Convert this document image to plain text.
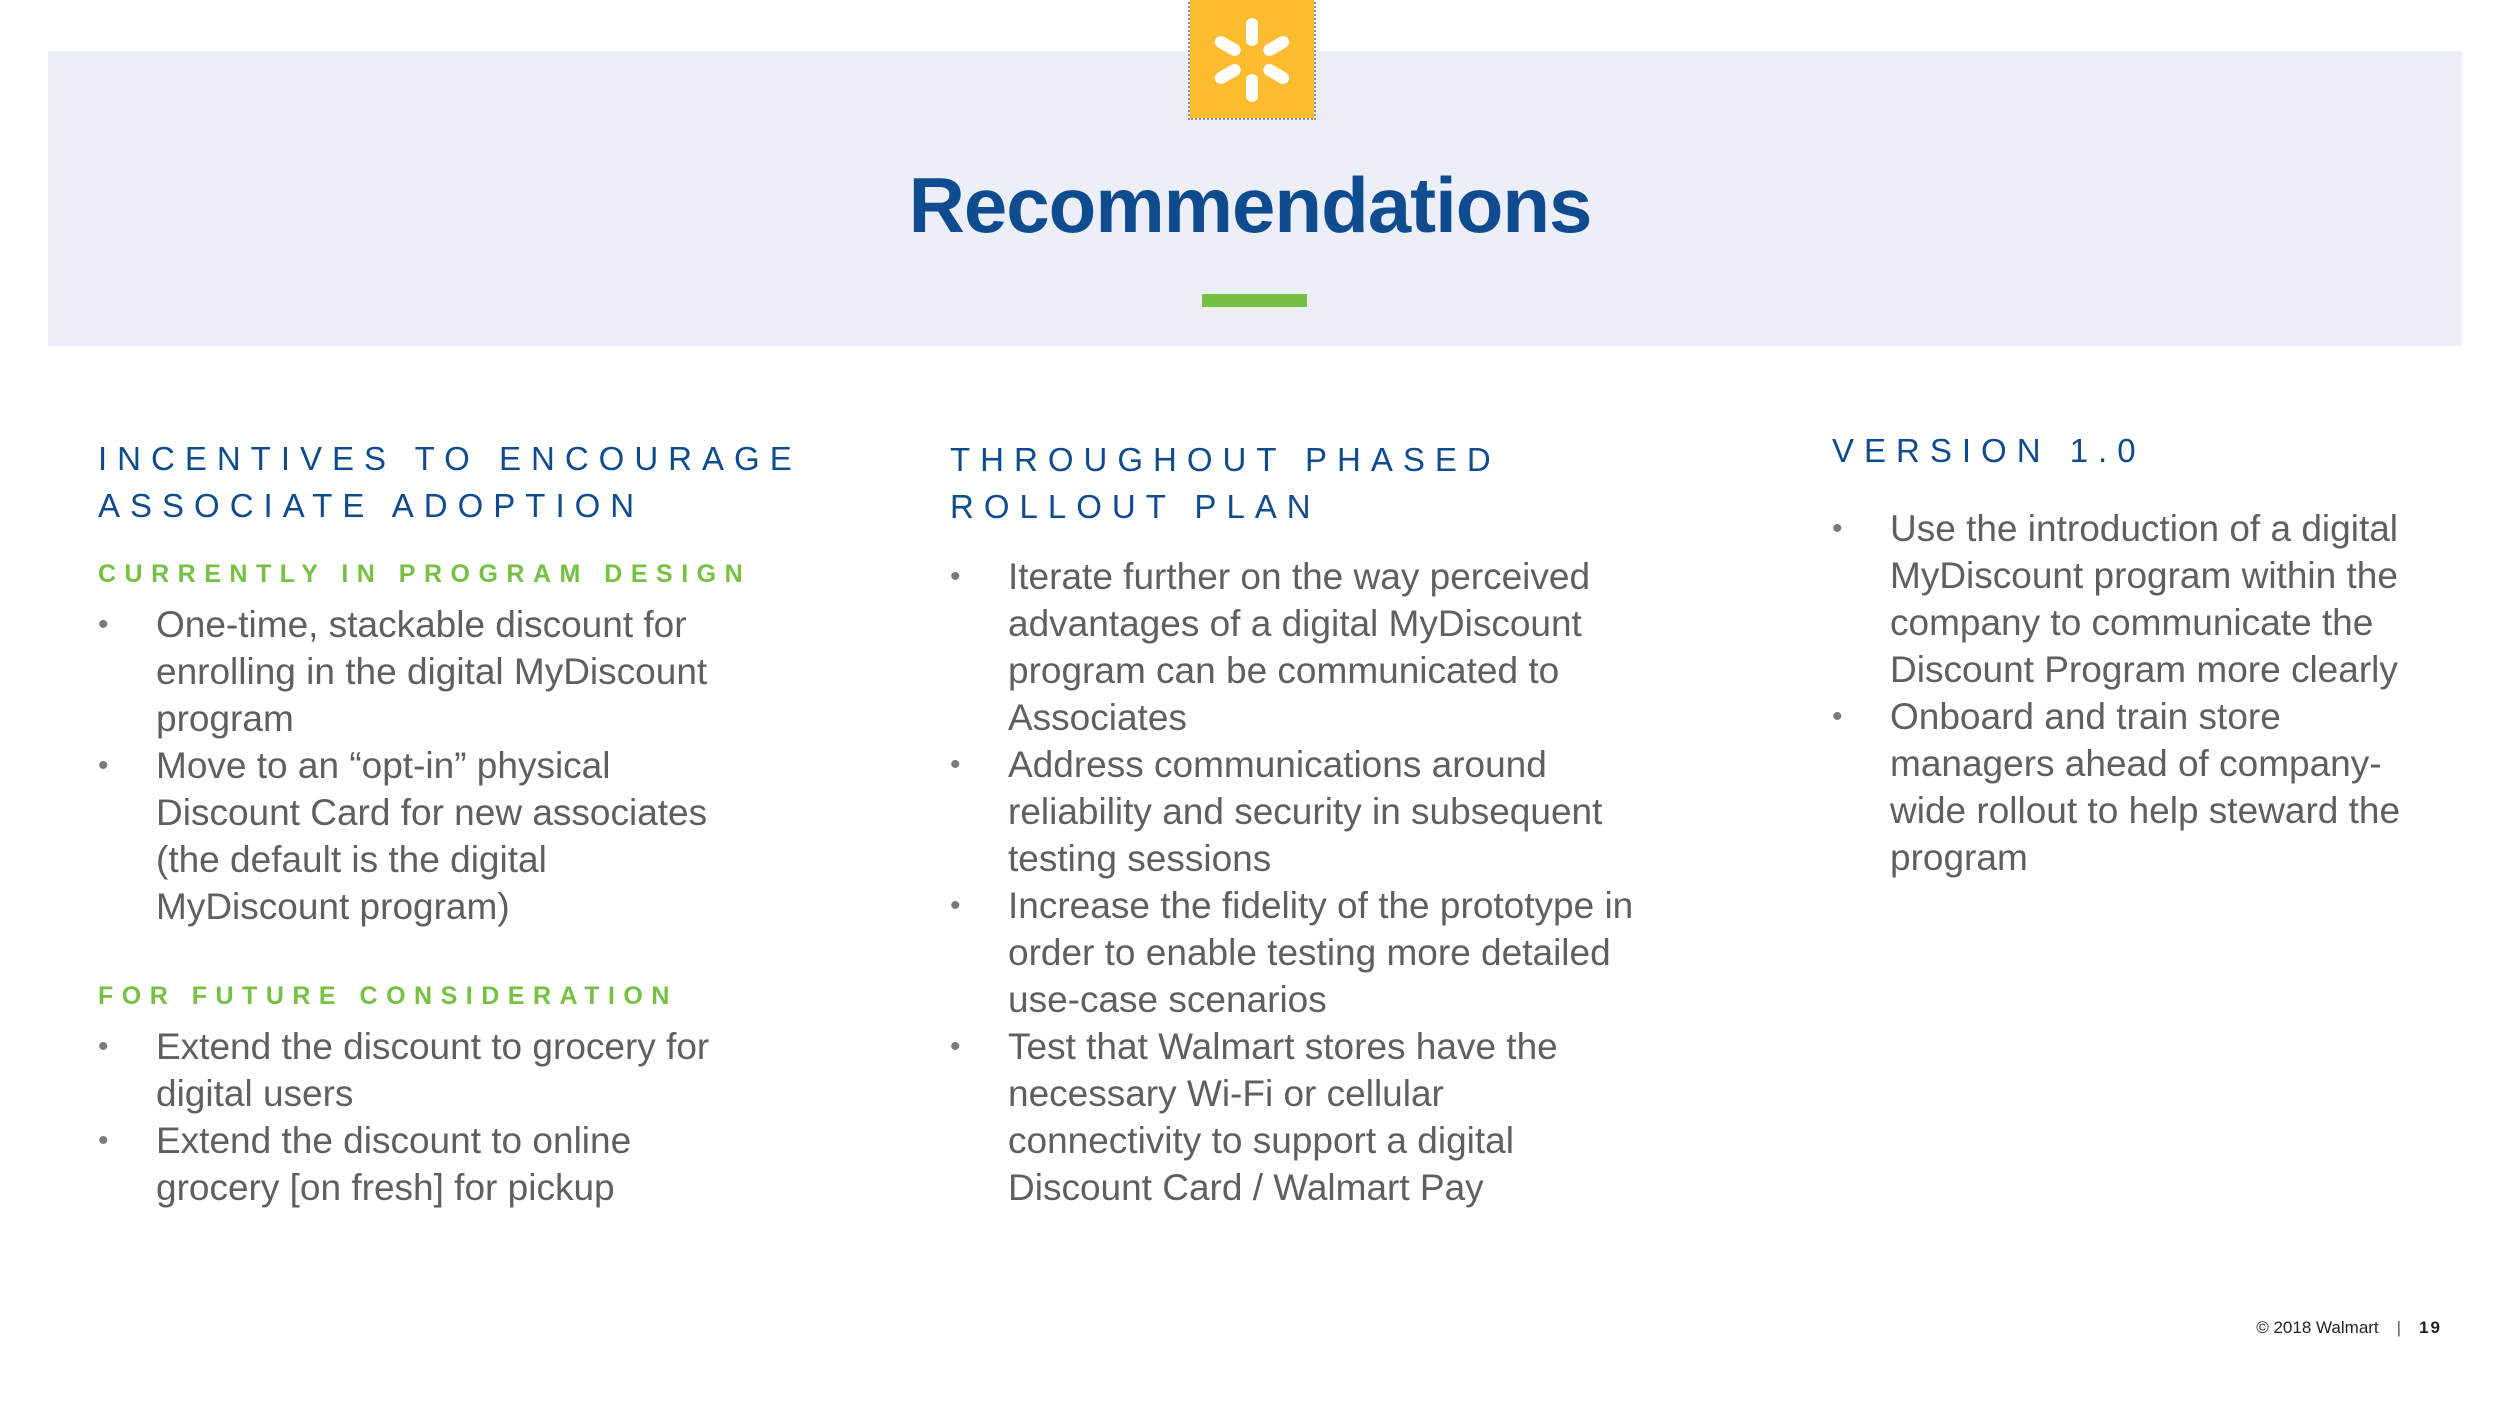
Recommendations
INCENTIVES TO ENCOURAGE
ASSOCIATE ADOPTION
CURRENTLY IN PROGRAM DESIGN
• One-time, stackable discount for enrolling in the digital MyDiscount program
• Move to an “opt-in” physical Discount Card for new associates (the default is the digital MyDiscount program)
FOR FUTURE CONSIDERATION
• Extend the discount to grocery for digital users
• Extend the discount to online grocery [on fresh] for pickup
THROUGHOUT PHASED
ROLLOUT PLAN
• Iterate further on the way perceived advantages of a digital MyDiscount program can be communicated to Associates
• Address communications around reliability and security in subsequent testing sessions
• Increase the fidelity of the prototype in order to enable testing more detailed use-case scenarios
• Test that Walmart stores have the necessary Wi-Fi or cellular connectivity to support a digital Discount Card / Walmart Pay
VERSION 1.0
• Use the introduction of a digital MyDiscount program within the company to communicate the Discount Program more clearly
• Onboard and train store managers ahead of company-wide rollout to help steward the program
© 2018 Walmart | 19
